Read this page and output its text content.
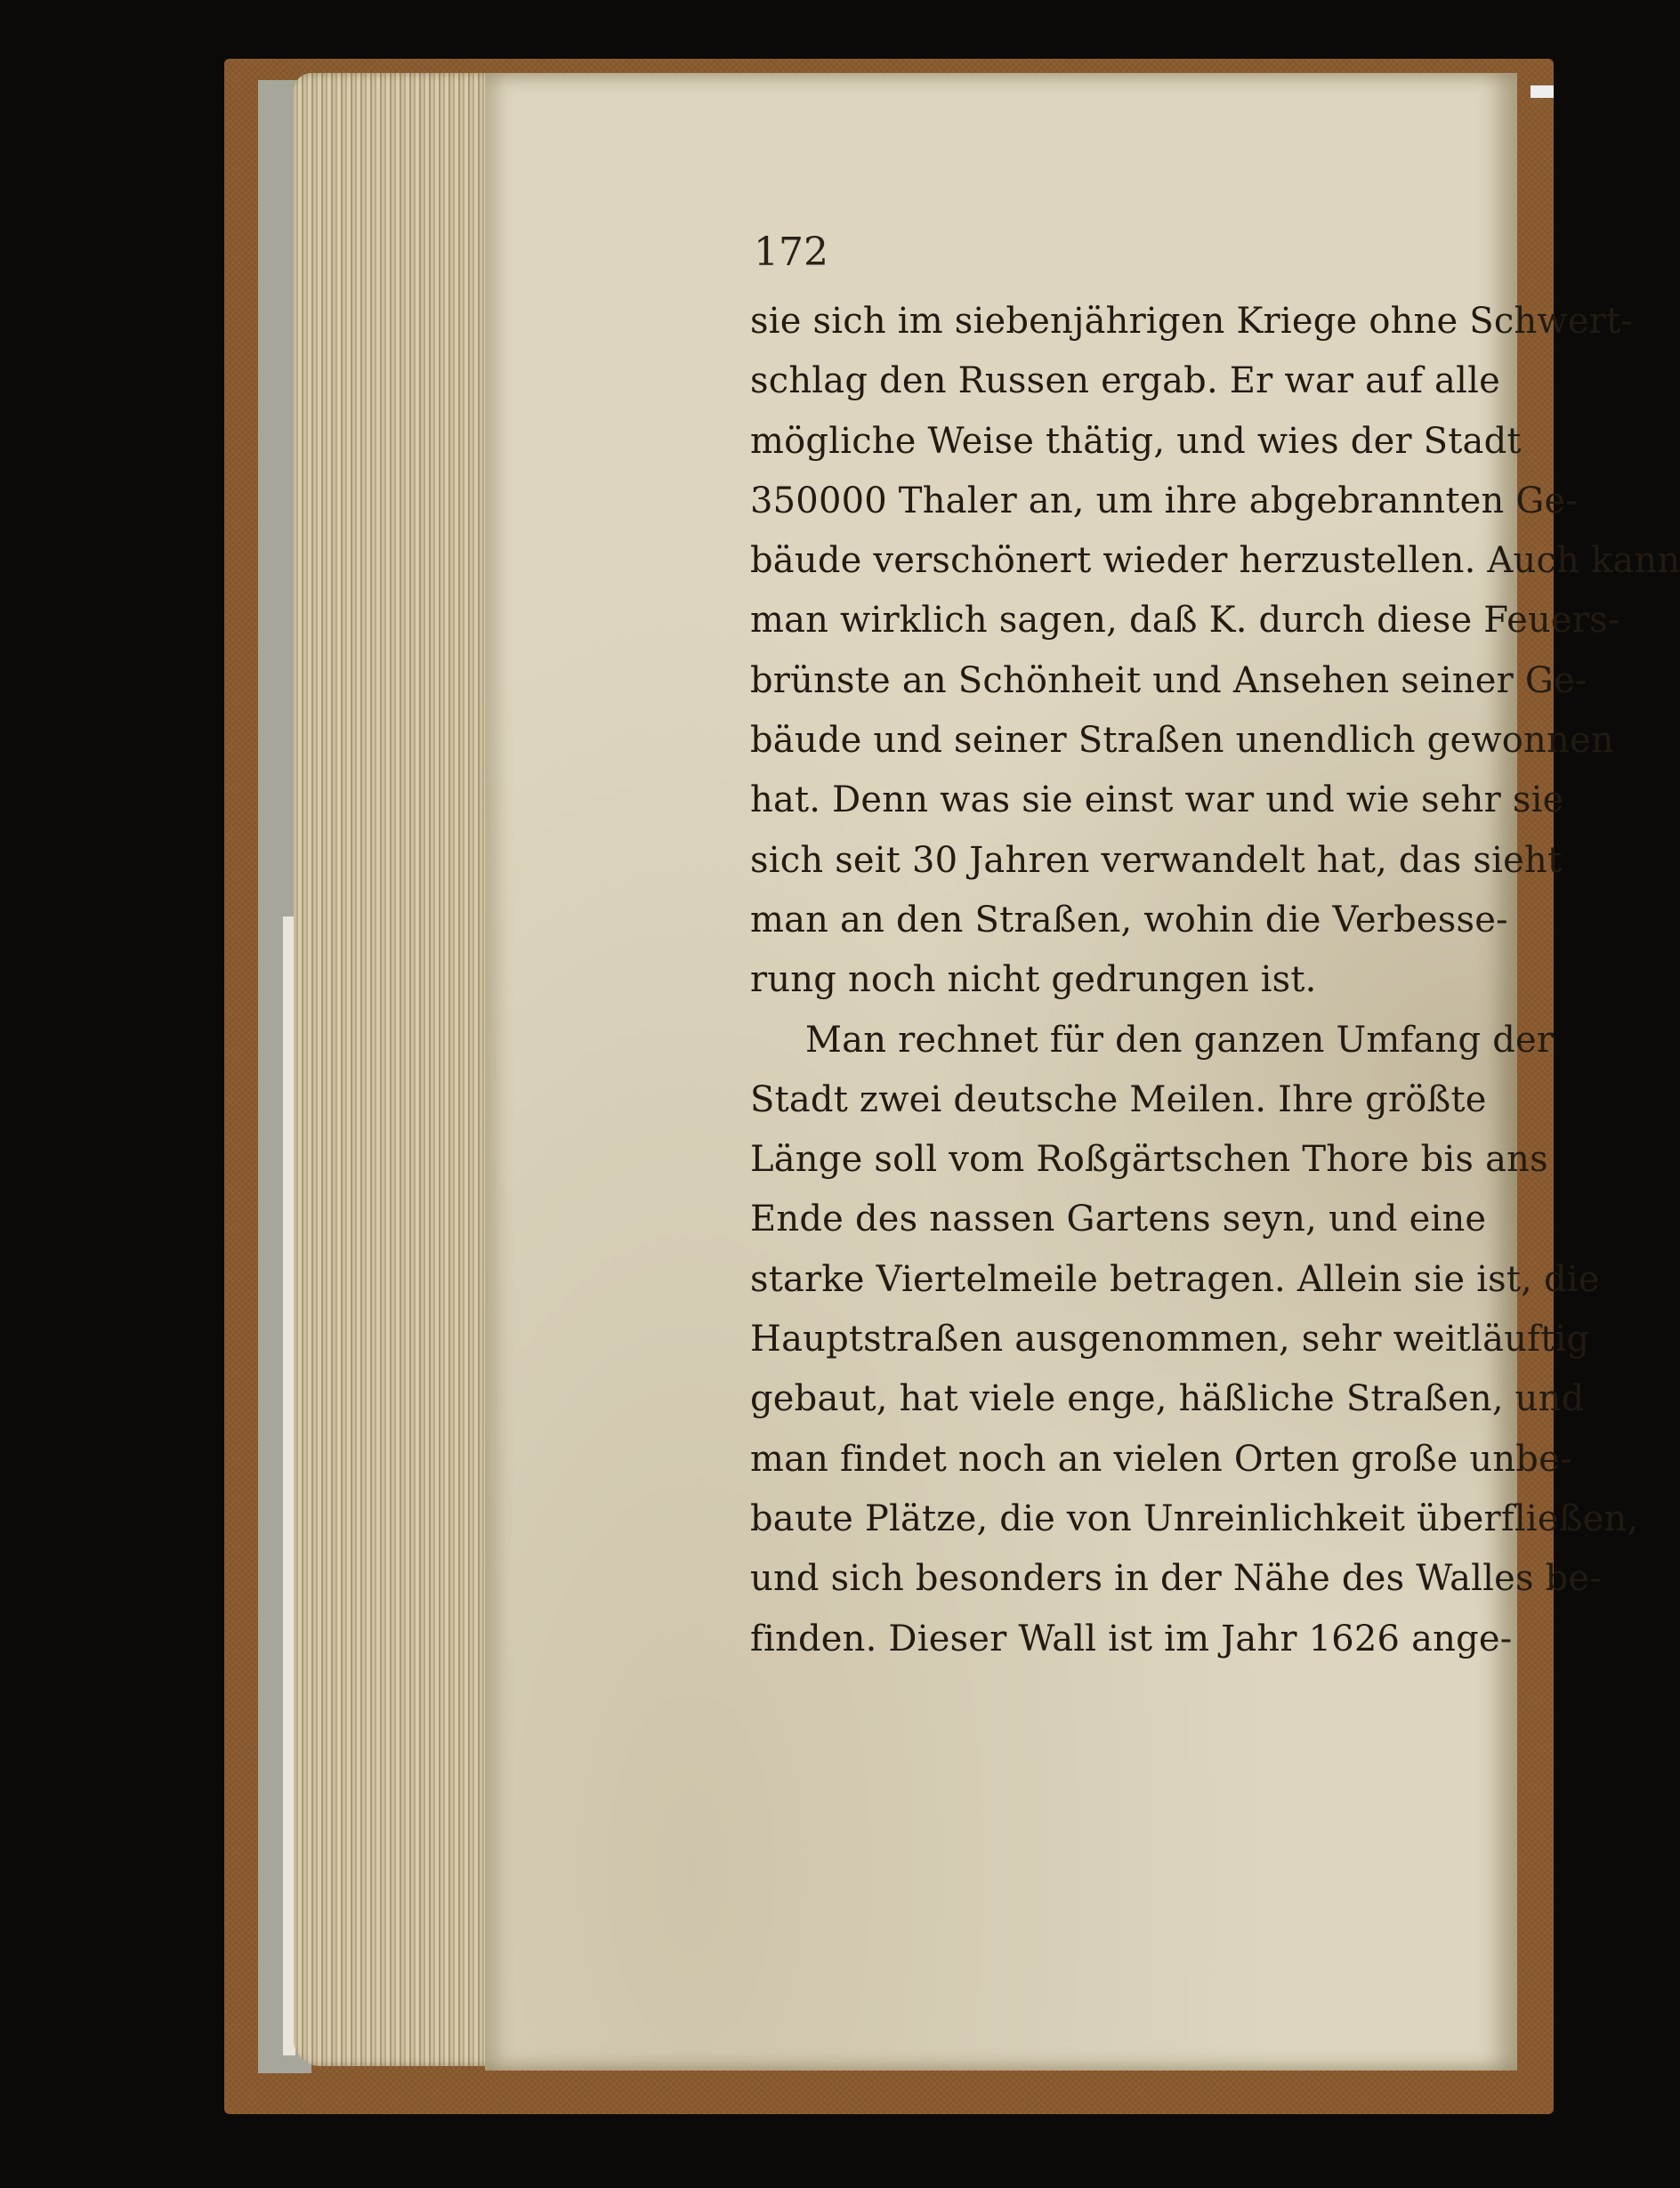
172

sie sich im siebenjährigen Kriege ohne Schwert-
schlag den Russen ergab. Er war auf alle
mögliche Weise thätig, und wies der Stadt
350000 Thaler an, um ihre abgebrannten Ge-
bäude verschönert wieder herzustellen. Auch kann
man wirklich sagen, daß K. durch diese Feuers-
brünste an Schönheit und Ansehen seiner Ge-
bäude und seiner Straßen unendlich gewonnen
hat. Denn was sie einst war und wie sehr sie
sich seit 30 Jahren verwandelt hat, das sieht
man an den Straßen, wohin die Verbesse-
rung noch nicht gedrungen ist.
Man rechnet für den ganzen Umfang der
Stadt zwei deutsche Meilen. Ihre größte
Länge soll vom Roßgärtschen Thore bis ans
Ende des nassen Gartens seyn, und eine
starke Viertelmeile betragen. Allein sie ist, die
Hauptstraßen ausgenommen, sehr weitläuftig
gebaut, hat viele enge, häßliche Straßen, und
man findet noch an vielen Orten große unbe-
baute Plätze, die von Unreinlichkeit überfließen,
und sich besonders in der Nähe des Walles be-
finden. Dieser Wall ist im Jahr 1626 ange-
